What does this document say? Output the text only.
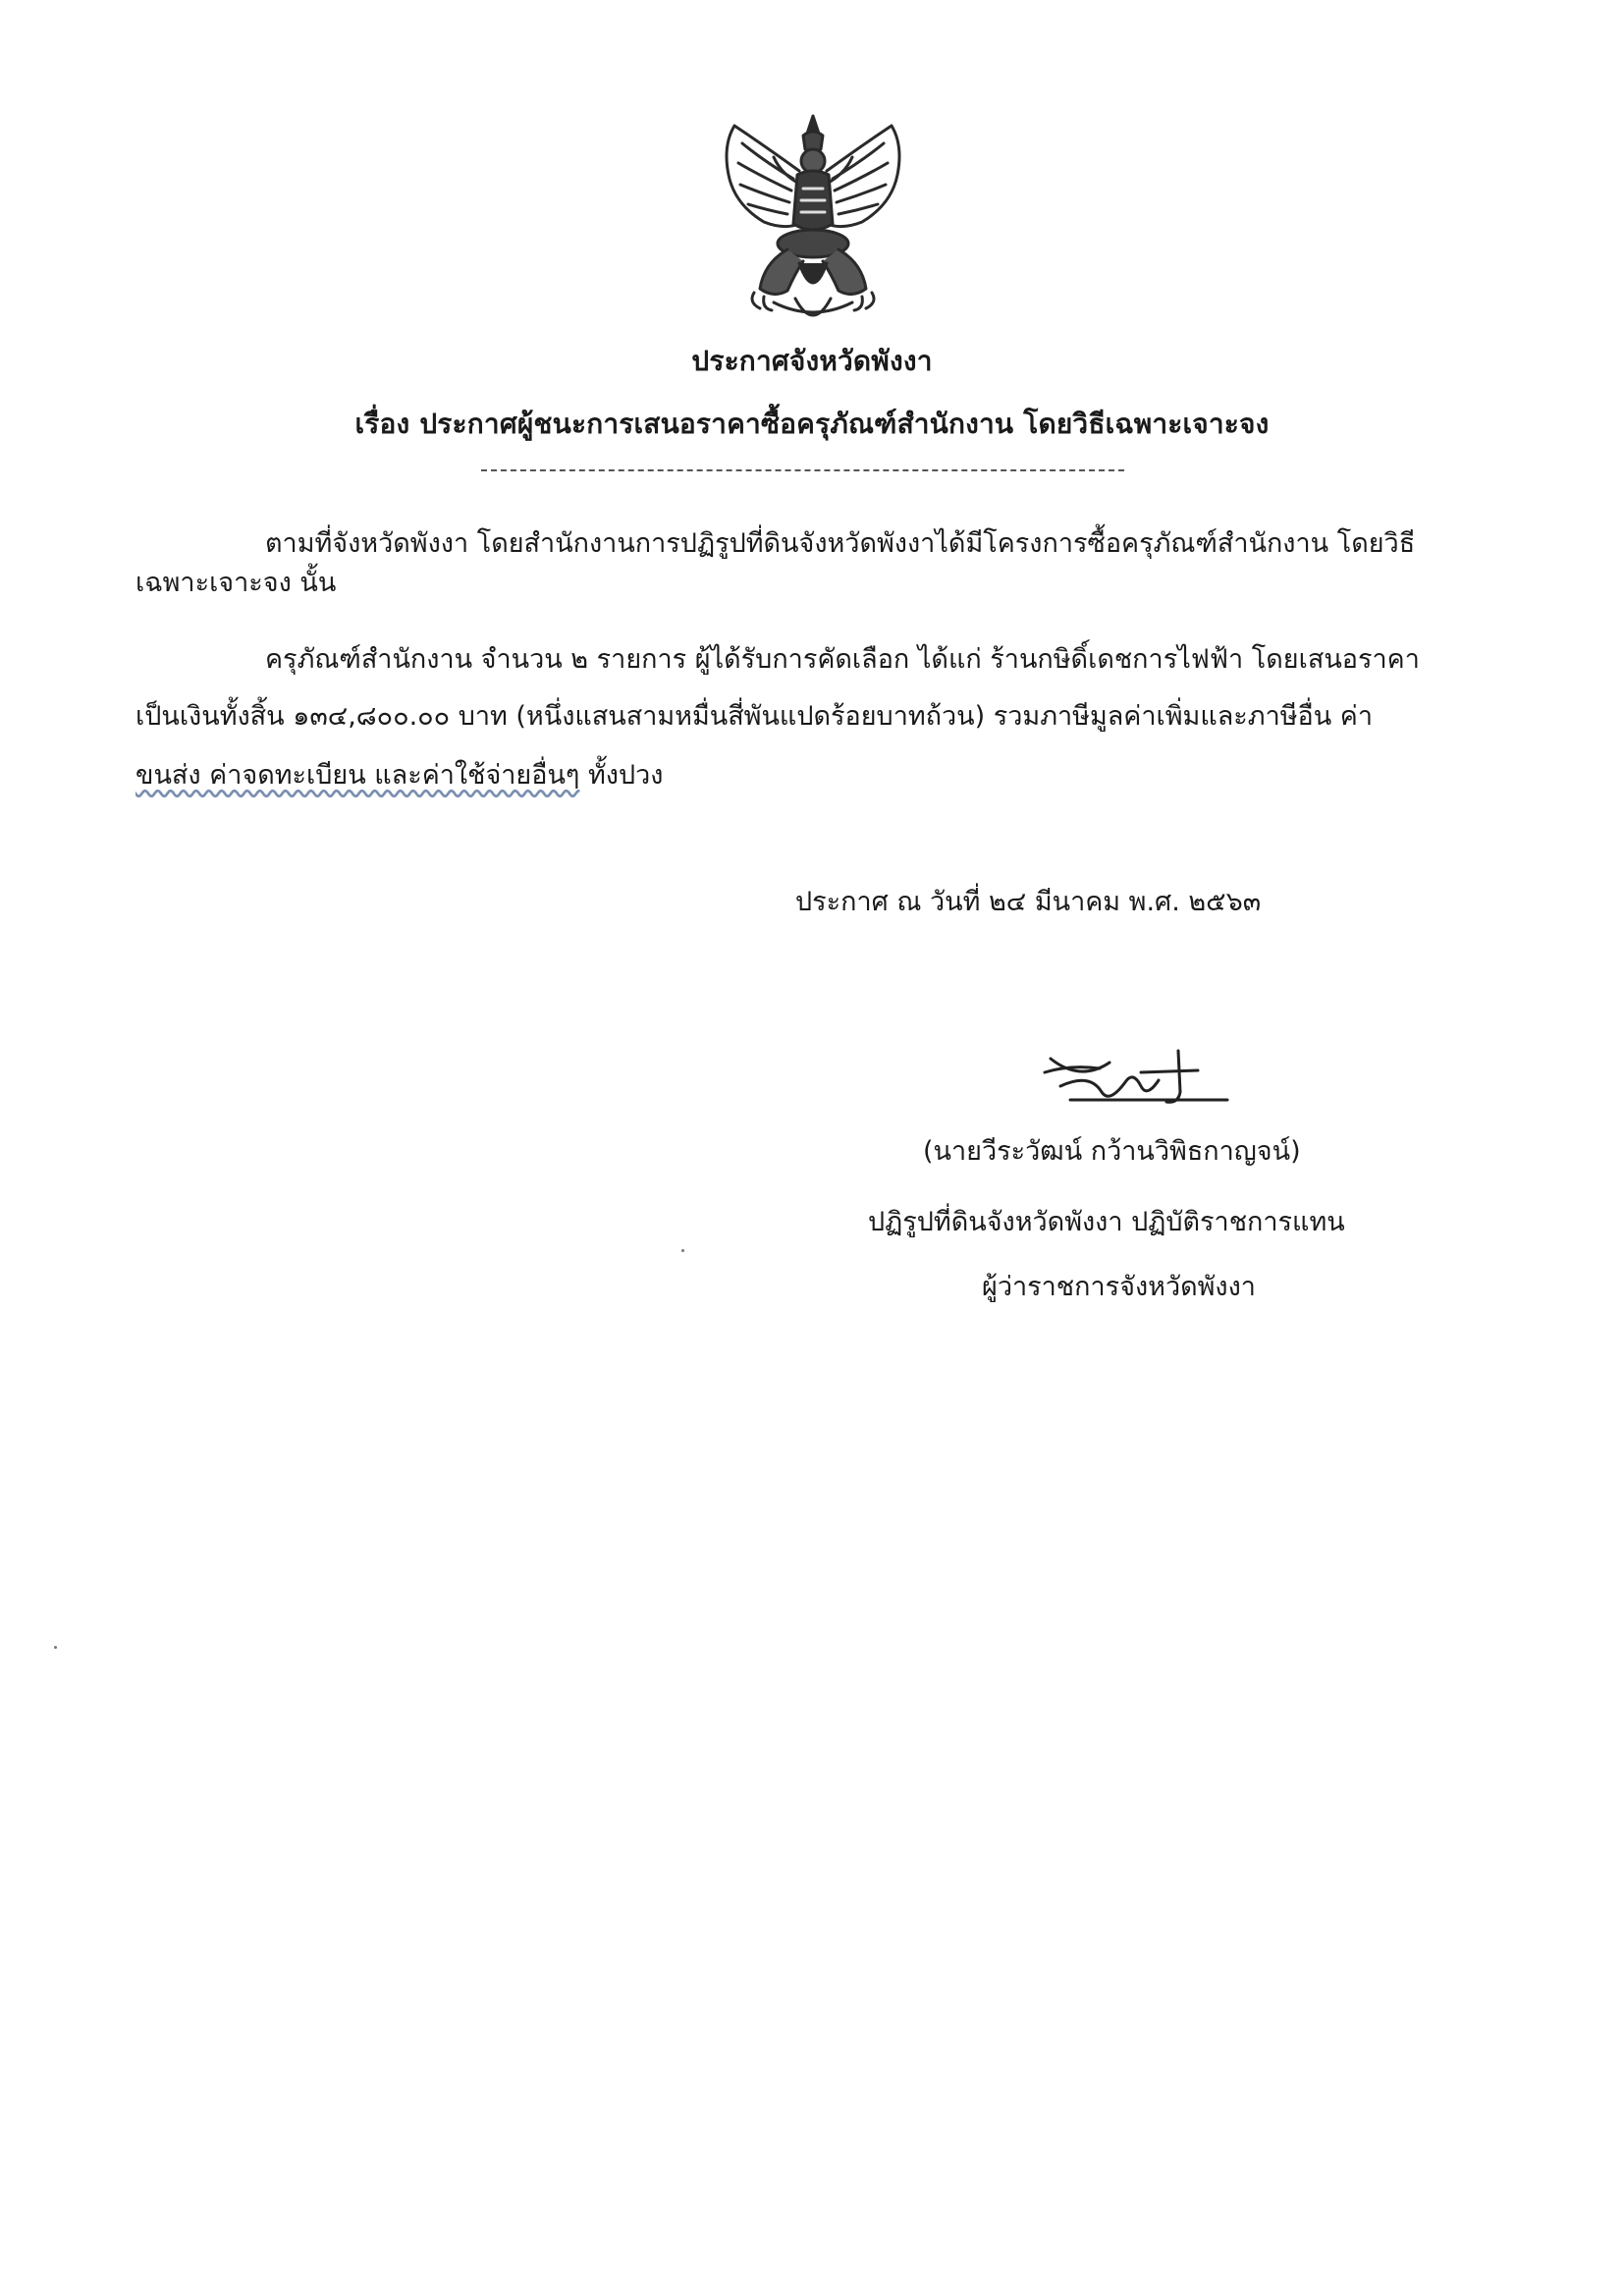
ประกาศจังหวัดพังงา
เรื่อง ประกาศผู้ชนะการเสนอราคาซื้อครุภัณฑ์สำนักงาน โดยวิธีเฉพาะเจาะจง
ตามที่จังหวัดพังงา โดยสำนักงานการปฏิรูปที่ดินจังหวัดพังงาได้มีโครงการซื้อครุภัณฑ์สำนักงาน โดยวิธี
เฉพาะเจาะจง นั้น
ครุภัณฑ์สำนักงาน จำนวน ๒ รายการ ผู้ได้รับการคัดเลือก ได้แก่ ร้านกษิดิ์เดชการไฟฟ้า โดยเสนอราคา
เป็นเงินทั้งสิ้น ๑๓๔,๘๐๐.๐๐ บาท (หนึ่งแสนสามหมื่นสี่พันแปดร้อยบาทถ้วน) รวมภาษีมูลค่าเพิ่มและภาษีอื่น ค่า
ขนส่ง ค่าจดทะเบียน และค่าใช้จ่ายอื่นๆ ทั้งปวง
ประกาศ ณ วันที่ ๒๔ มีนาคม พ.ศ. ๒๕๖๓
(นายวีระวัฒน์ กว้านวิพิธกาญจน์)
ปฏิรูปที่ดินจังหวัดพังงา ปฏิบัติราชการแทน
ผู้ว่าราชการจังหวัดพังงา
